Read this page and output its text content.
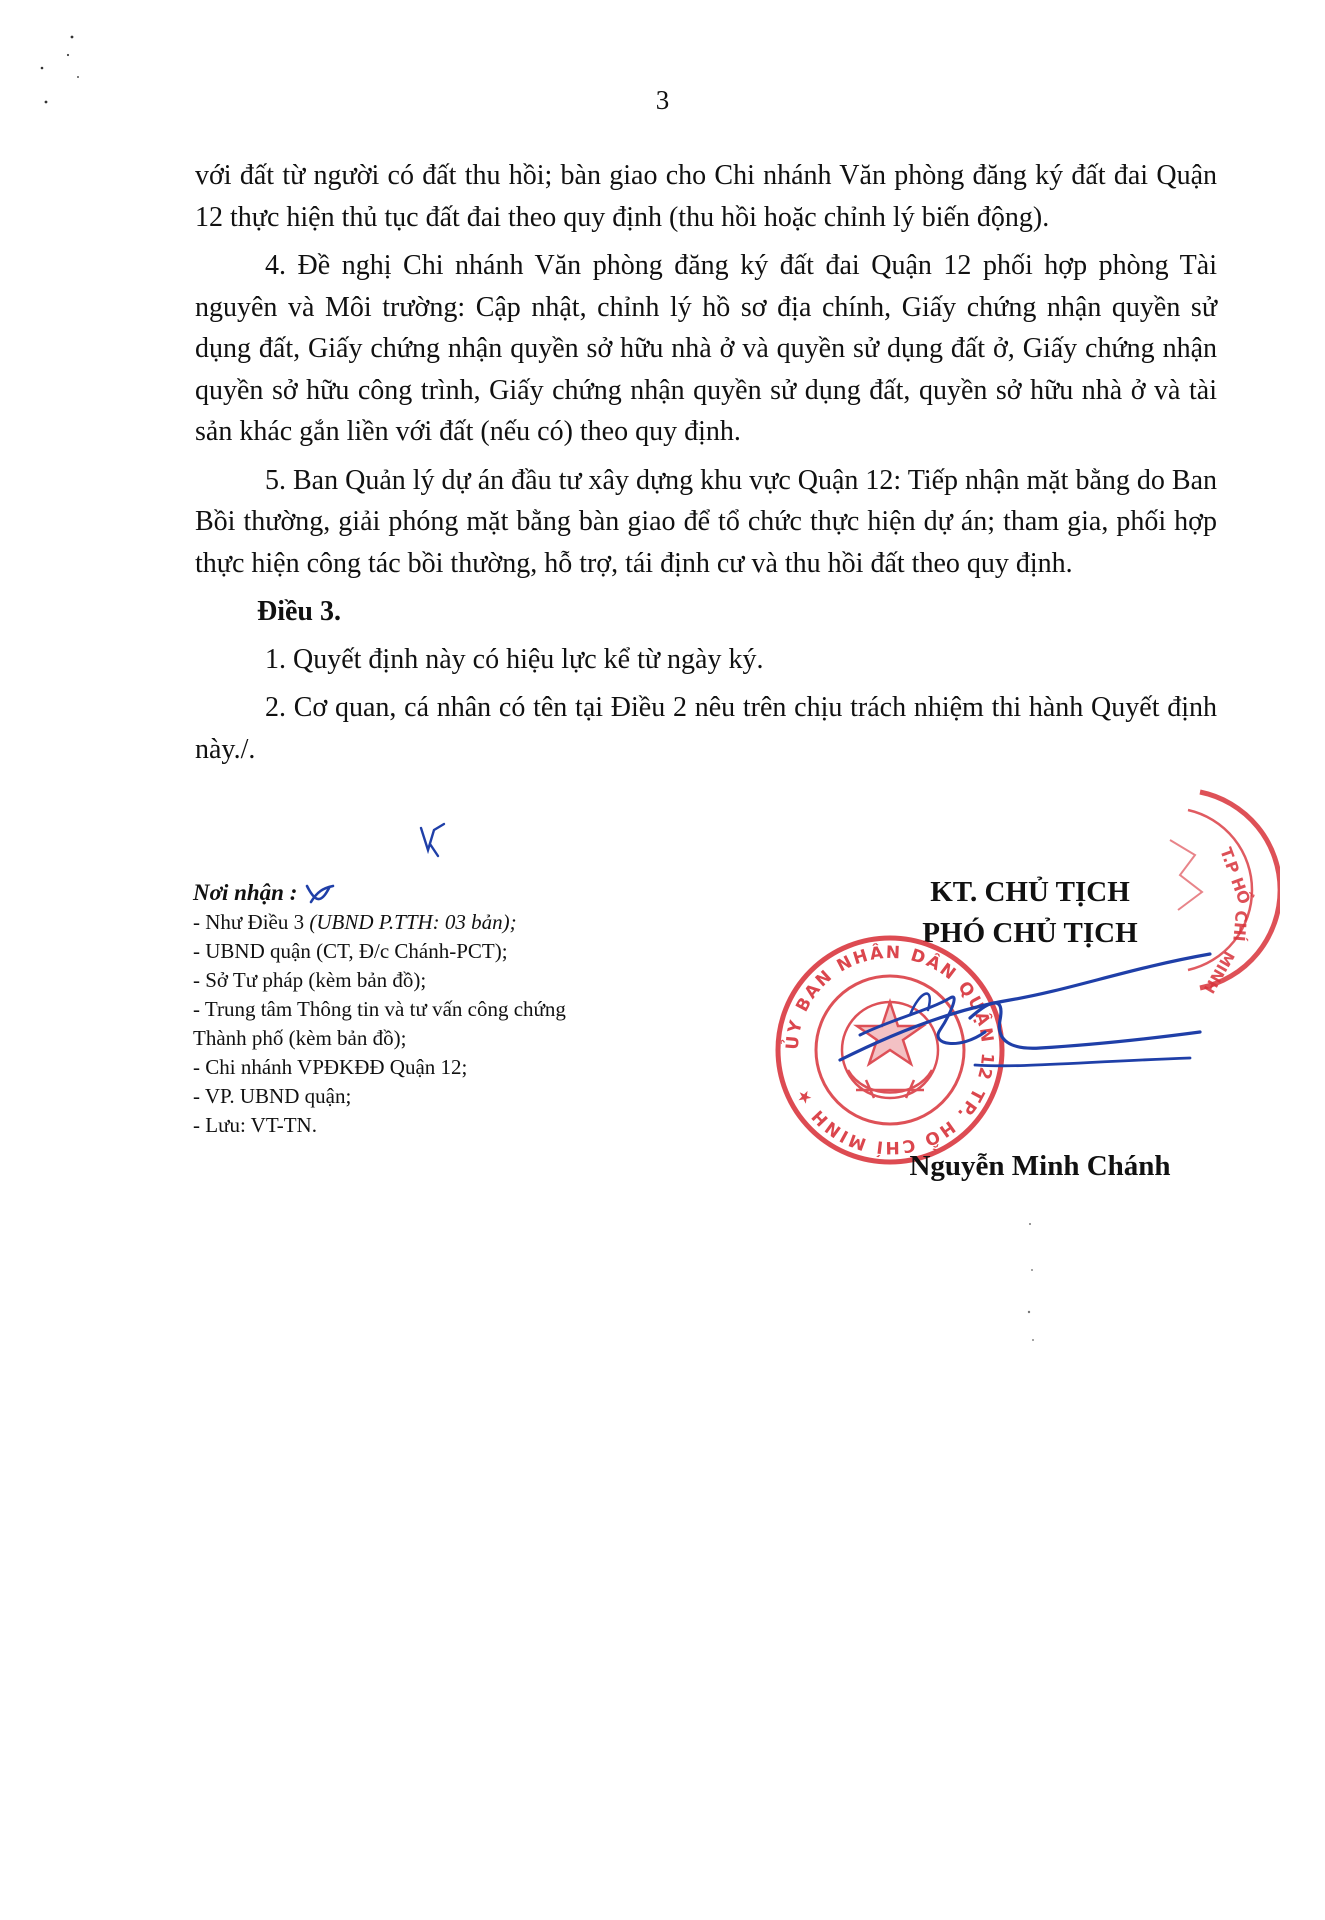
3

với đất từ người có đất thu hồi; bàn giao cho Chi nhánh Văn phòng đăng ký đất đai Quận 12 thực hiện thủ tục đất đai theo quy định (thu hồi hoặc chỉnh lý biến động).

4. Đề nghị Chi nhánh Văn phòng đăng ký đất đai Quận 12 phối hợp phòng Tài nguyên và Môi trường: Cập nhật, chỉnh lý hồ sơ địa chính, Giấy chứng nhận quyền sử dụng đất, Giấy chứng nhận quyền sở hữu nhà ở và quyền sử dụng đất ở, Giấy chứng nhận quyền sở hữu công trình, Giấy chứng nhận quyền sử dụng đất, quyền sở hữu nhà ở và tài sản khác gắn liền với đất (nếu có) theo quy định.

5. Ban Quản lý dự án đầu tư xây dựng khu vực Quận 12: Tiếp nhận mặt bằng do Ban Bồi thường, giải phóng mặt bằng bàn giao để tổ chức thực hiện dự án; tham gia, phối hợp thực hiện công tác bồi thường, hỗ trợ, tái định cư và thu hồi đất theo quy định.

Điều 3.

1. Quyết định này có hiệu lực kể từ ngày ký.

2. Cơ quan, cá nhân có tên tại Điều 2 nêu trên chịu trách nhiệm thi hành Quyết định này./.

Nơi nhận :
- Như Điều 3 (UBND P.TTH: 03 bản);
- UBND quận (CT, Đ/c Chánh-PCT);
- Sở Tư pháp (kèm bản đồ);
- Trung tâm Thông tin và tư vấn công chứng Thành phố (kèm bản đồ);
- Chi nhánh VPĐKĐĐ Quận 12;
- VP. UBND quận;
- Lưu: VT-TN.
T.P HỒ
CHÍ
MINH
KT. CHỦ TỊCH
PHÓ CHỦ TỊCH
ỦY BAN NHÂN DÂN QUẬN 12 TP. HỒ CHÍ MINH ★
Nguyễn Minh Chánh
